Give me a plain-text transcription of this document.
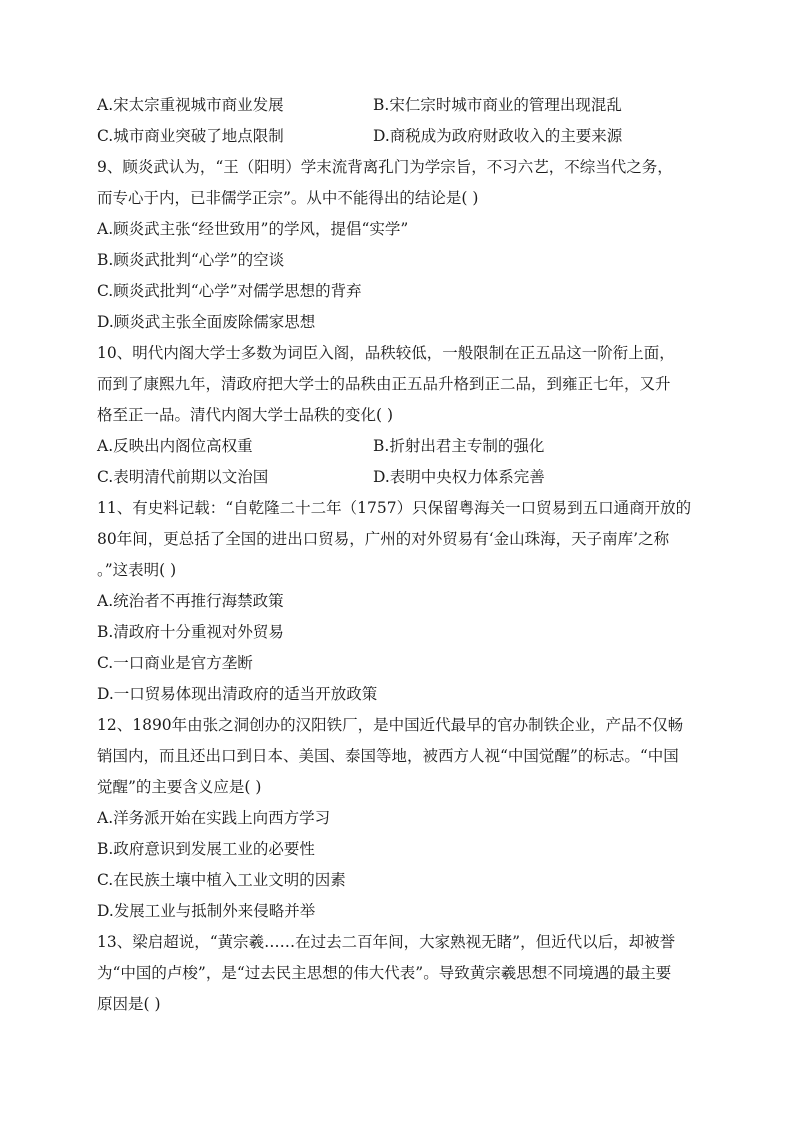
A.宋太宗重视城市商业发展	B.宋仁宗时城市商业的管理出现混乱
C.城市商业突破了地点限制	D.商税成为政府财政收入的主要来源
9、顾炎武认为，“王（阳明）学末流背离孔门为学宗旨，不习六艺，不综当代之务，
而专心于内，已非儒学正宗”。从中不能得出的结论是( )
A.顾炎武主张“经世致用”的学风，提倡“实学”
B.顾炎武批判“心学”的空谈
C.顾炎武批判“心学”对儒学思想的背弃
D.顾炎武主张全面废除儒家思想
10、明代内阁大学士多数为词臣入阁，品秩较低，一般限制在正五品这一阶衔上面，
而到了康熙九年，清政府把大学士的品秩由正五品升格到正二品，到雍正七年，又升
格至正一品。清代内阁大学士品秩的变化( )
A.反映出内阁位高权重	B.折射出君主专制的强化
C.表明清代前期以文治国	D.表明中央权力体系完善
11、有史料记载：“自乾隆二十二年（1757）只保留粤海关一口贸易到五口通商开放的
80年间，更总括了全国的进出口贸易，广州的对外贸易有‘金山珠海，天子南库’之称
。”这表明( )
A.统治者不再推行海禁政策
B.清政府十分重视对外贸易
C.一口商业是官方垄断
D.一口贸易体现出清政府的适当开放政策
12、1890年由张之洞创办的汉阳铁厂，是中国近代最早的官办制铁企业，产品不仅畅
销国内，而且还出口到日本、美国、泰国等地，被西方人视“中国觉醒”的标志。“中国
觉醒”的主要含义应是( )
A.洋务派开始在实践上向西方学习
B.政府意识到发展工业的必要性
C.在民族土壤中植入工业文明的因素
D.发展工业与抵制外来侵略并举
13、梁启超说，“黄宗羲……在过去二百年间，大家熟视无睹”，但近代以后，却被誉
为“中国的卢梭”，是“过去民主思想的伟大代表”。导致黄宗羲思想不同境遇的最主要
原因是( )
